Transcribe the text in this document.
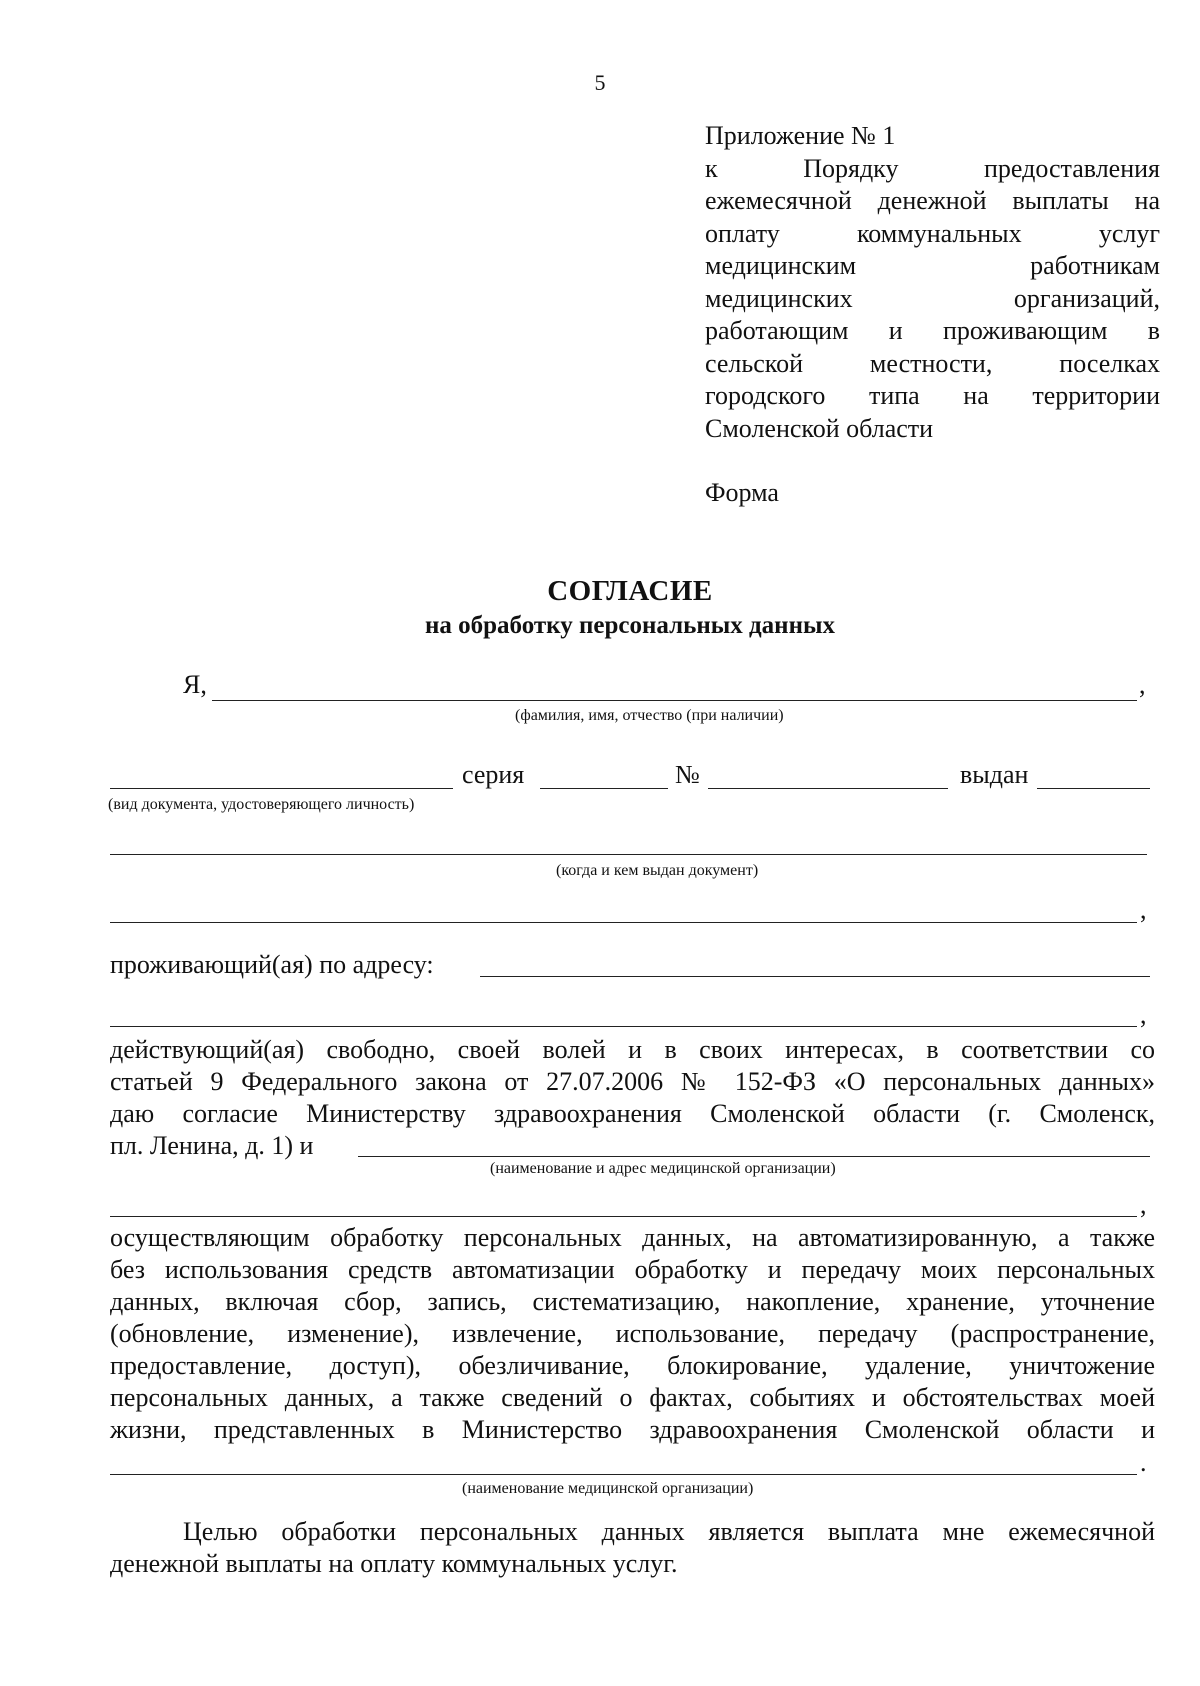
5
Приложение № 1
к Порядку предоставления
ежемесячной денежной выплаты на
оплату коммунальных услуг
медицинским работникам
медицинских организаций,
работающим и проживающим в
сельской местности, поселках
городского типа на территории
Смоленской области
Форма
СОГЛАСИЕ
на обработку персональных данных
Я,	,
(фамилия, имя, отчество (при наличии)
серия	№	выдан
(вид документа, удостоверяющего личность)
(когда и кем выдан документ)
,
проживающий(ая) по адресу:
,
действующий(ая) свободно, своей волей и в своих интересах, в соответствии со
статьей 9 Федерального закона от 27.07.2006 № 152-ФЗ «О персональных данных»
даю согласие Министерству здравоохранения Смоленской области (г. Смоленск,
пл. Ленина, д. 1) и
(наименование и адрес медицинской организации)
,
осуществляющим обработку персональных данных, на автоматизированную, а также
без использования средств автоматизации обработку и передачу моих персональных
данных, включая сбор, запись, систематизацию, накопление, хранение, уточнение
(обновление, изменение), извлечение, использование, передачу (распространение,
предоставление, доступ), обезличивание, блокирование, удаление, уничтожение
персональных данных, а также сведений о фактах, событиях и обстоятельствах моей
жизни, представленных в Министерство здравоохранения Смоленской области и
.
(наименование медицинской организации)
Целью обработки персональных данных является выплата мне ежемесячной
денежной выплаты на оплату коммунальных услуг.
